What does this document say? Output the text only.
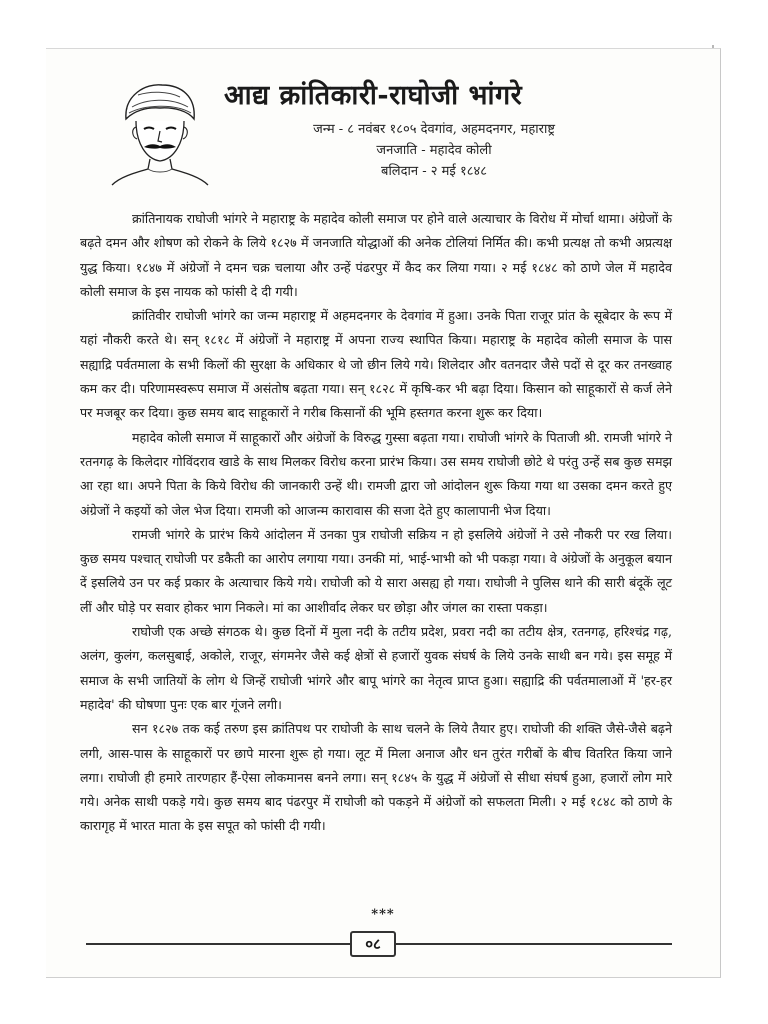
आद्य क्रांतिकारी-राघोजी भांगरे
जन्म - ८ नवंबर १८०५ देवगांव, अहमदनगर, महाराष्ट्र
जनजाति - महादेव कोली
बलिदान - २ मई १८४८

क्रांतिनायक राघोजी भांगरे ने महाराष्ट्र के महादेव कोली समाज पर होने वाले अत्याचार के विरोध में मोर्चा थामा। अंग्रेजों के बढ़ते दमन और शोषण को रोकने के लिये १८२७ में जनजाति योद्धाओं की अनेक टोलियां निर्मित की। कभी प्रत्यक्ष तो कभी अप्रत्यक्ष युद्ध किया। १८४७ में अंग्रेजों ने दमन चक्र चलाया और उन्हें पंढरपुर में कैद कर लिया गया। २ मई १८४८ को ठाणे जेल में महादेव कोली समाज के इस नायक को फांसी दे दी गयी।

क्रांतिवीर राघोजी भांगरे का जन्म महाराष्ट्र में अहमदनगर के देवगांव में हुआ। उनके पिता राजूर प्रांत के सूबेदार के रूप में यहां नौकरी करते थे। सन् १८१८ में अंग्रेजों ने महाराष्ट्र में अपना राज्य स्थापित किया। महाराष्ट्र के महादेव कोली समाज के पास सह्याद्रि पर्वतमाला के सभी किलों की सुरक्षा के अधिकार थे जो छीन लिये गये। शिलेदार और वतनदार जैसे पदों से दूर कर तनख्वाह कम कर दी। परिणामस्वरूप समाज में असंतोष बढ़ता गया। सन् १८२८ में कृषि-कर भी बढ़ा दिया। किसान को साहूकारों से कर्ज लेने पर मजबूर कर दिया। कुछ समय बाद साहूकारों ने गरीब किसानों की भूमि हस्तगत करना शुरू कर दिया।

महादेव कोली समाज में साहूकारों और अंग्रेजों के विरुद्ध गुस्सा बढ़ता गया। राघोजी भांगरे के पिताजी श्री. रामजी भांगरे ने रतनगढ़ के किलेदार गोविंदराव खाडे के साथ मिलकर विरोध करना प्रारंभ किया। उस समय राघोजी छोटे थे परंतु उन्हें सब कुछ समझ आ रहा था। अपने पिता के किये विरोध की जानकारी उन्हें थी। रामजी द्वारा जो आंदोलन शुरू किया गया था उसका दमन करते हुए अंग्रेजों ने कइयों को जेल भेज दिया। रामजी को आजन्म कारावास की सजा देते हुए कालापानी भेज दिया।

रामजी भांगरे के प्रारंभ किये आंदोलन में उनका पुत्र राघोजी सक्रिय न हो इसलिये अंग्रेजों ने उसे नौकरी पर रख लिया। कुछ समय पश्चात् राघोजी पर डकैती का आरोप लगाया गया। उनकी मां, भाई-भाभी को भी पकड़ा गया। वे अंग्रेजों के अनुकूल बयान दें इसलिये उन पर कई प्रकार के अत्याचार किये गये। राघोजी को ये सारा असह्य हो गया। राघोजी ने पुलिस थाने की सारी बंदूकें लूट लीं और घोड़े पर सवार होकर भाग निकले। मां का आशीर्वाद लेकर घर छोड़ा और जंगल का रास्ता पकड़ा।

राघोजी एक अच्छे संगठक थे। कुछ दिनों में मुला नदी के तटीय प्रदेश, प्रवरा नदी का तटीय क्षेत्र, रतनगढ़, हरिश्चंद्र गढ़, अलंग, कुलंग, कलसुबाई, अकोले, राजूर, संगमनेर जैसे कई क्षेत्रों से हजारों युवक संघर्ष के लिये उनके साथी बन गये। इस समूह में समाज के सभी जातियों के लोग थे जिन्हें राघोजी भांगरे और बापू भांगरे का नेतृत्व प्राप्त हुआ। सह्याद्रि की पर्वतमालाओं में 'हर-हर महादेव' की घोषणा पुनः एक बार गूंजने लगी।

सन १८२७ तक कई तरुण इस क्रांतिपथ पर राघोजी के साथ चलने के लिये तैयार हुए। राघोजी की शक्ति जैसे-जैसे बढ़ने लगी, आस-पास के साहूकारों पर छापे मारना शुरू हो गया। लूट में मिला अनाज और धन तुरंत गरीबों के बीच वितरित किया जाने लगा। राघोजी ही हमारे तारणहार हैं-ऐसा लोकमानस बनने लगा। सन् १८४५ के युद्ध में अंग्रेजों से सीधा संघर्ष हुआ, हजारों लोग मारे गये। अनेक साथी पकड़े गये। कुछ समय बाद पंढरपुर में राघोजी को पकड़ने में अंग्रेजों को सफलता मिली। २ मई १८४८ को ठाणे के कारागृह में भारत माता के इस सपूत को फांसी दी गयी।

***
०८
